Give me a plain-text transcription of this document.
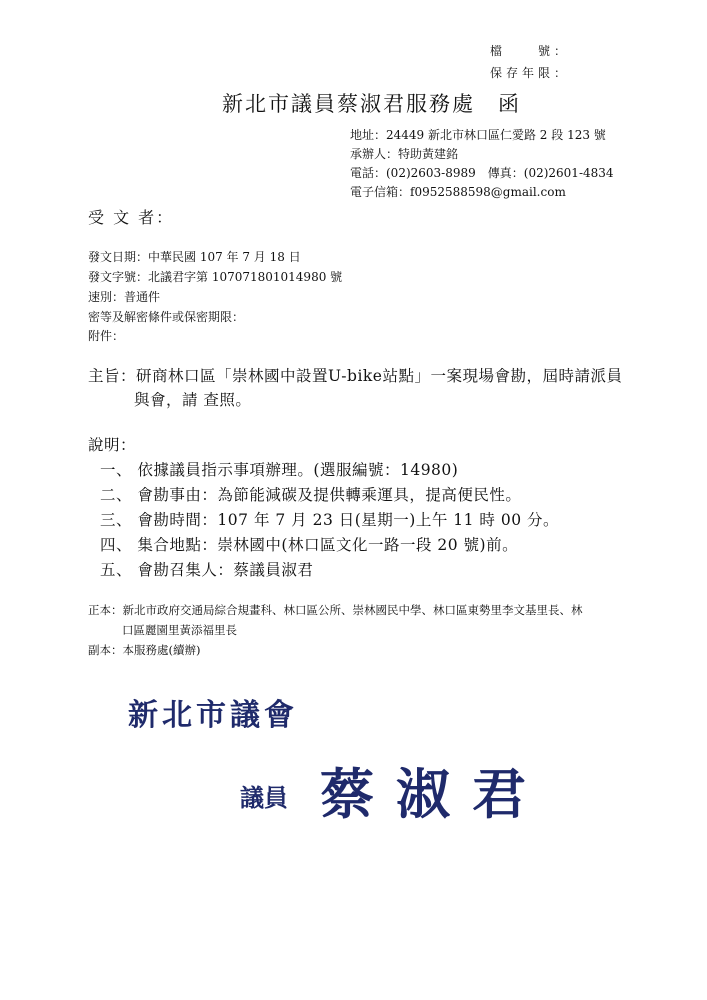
檔　　號：
保存年限：
新北市議員蔡淑君服務處　函
地址：24449 新北市林口區仁愛路 2 段 123 號
承辦人：特助黃建銘
電話：(02)2603-8989　傳真：(02)2601-4834
電子信箱：f0952588598@gmail.com
受 文 者：
發文日期：中華民國 107 年 7 月 18 日
發文字號：北議君字第 107071801014980 號
速別：普通件
密等及解密條件或保密期限：
附件：
主旨：研商林口區「崇林國中設置U-bike站點」一案現場會勘，屆時請派員
與會，請 查照。
說明：
一、 依據議員指示事項辦理。(選服編號：14980)
二、 會勘事由：為節能減碳及提供轉乘運具，提高便民性。
三、 會勘時間：107 年 7 月 23 日(星期一)上午 11 時 00 分。
四、 集合地點：崇林國中(林口區文化一路一段 20 號)前。
五、 會勘召集人：蔡議員淑君
正本：新北市政府交通局綜合規畫科、林口區公所、崇林國民中學、林口區東勢里李文基里長、林
口區麗園里黃添福里長
副本：本服務處(續辦)
新北市議會
議員 蔡淑君
